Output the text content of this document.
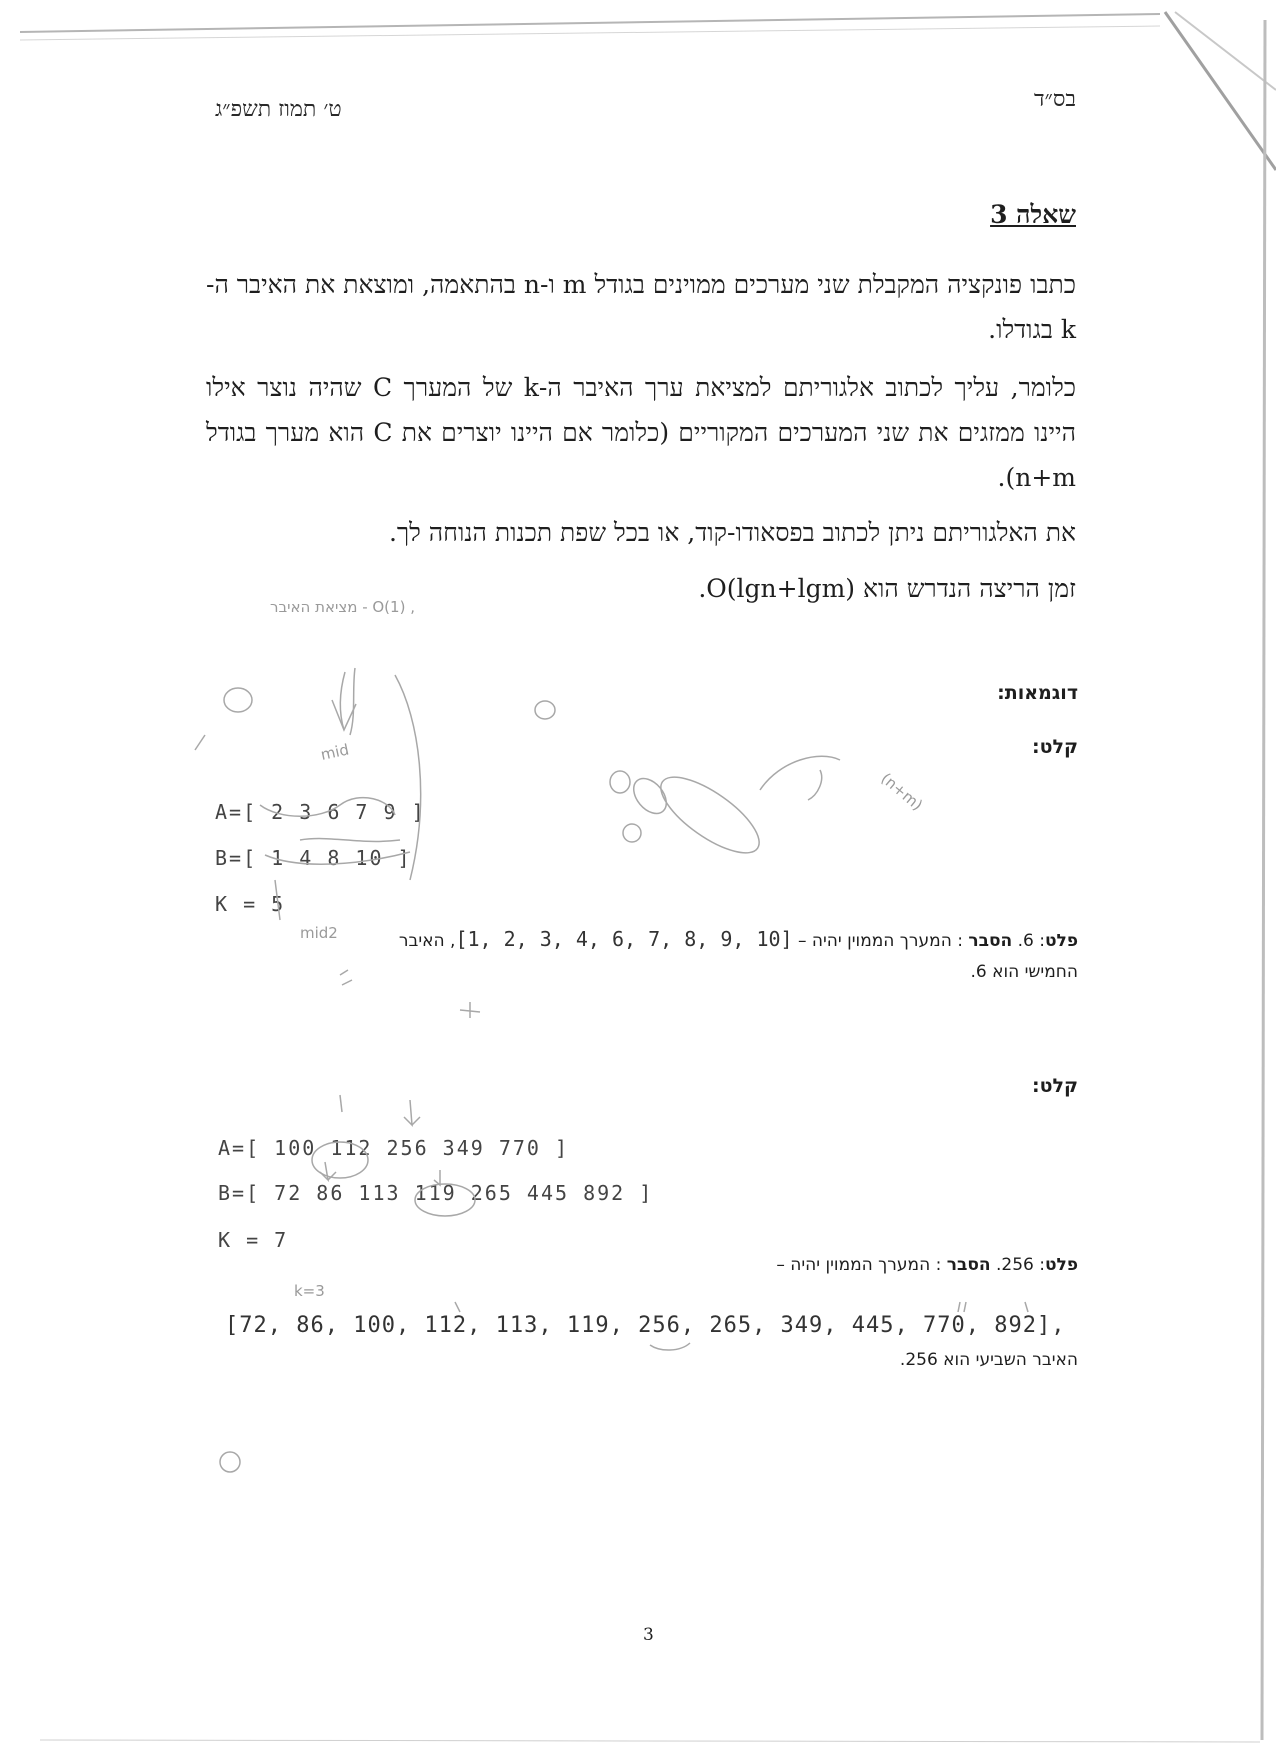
בס״ד
ט׳ תמוז תשפ״ג
שאלה 3
כתבו פונקציה המקבלת שני מערכים ממוינים בגודל m ו-n בהתאמה, ומוצאת את האיבר ה-k בגודלו.
כלומר, עליך לכתוב אלגוריתם למציאת ערך האיבר ה-k של המערך C שהיה נוצר אילו היינו ממזגים את שני המערכים המקוריים (כלומר אם היינו יוצרים את C הוא מערך בגודל n+m).
את האלגוריתם ניתן לכתוב בפסאודו-קוד, או בכל שפת תכנות הנוחה לך.
זמן הריצה הנדרש הוא O(lgn+lgm).
דוגמאות:
קלט:
A=[ 2 3 6 7 9 ]
B=[ 1 4 8 10 ]
K = 5
פלט: 6. הסבר : המערך הממוין יהיה – [1, 2, 3, 4, 6, 7, 8, 9, 10], האיבר
החמישי הוא 6.
קלט:
A=[ 100 112 256 349 770 ]
B=[ 72 86 113 119 265 445 892 ]
K = 7
פלט: 256. הסבר : המערך הממוין יהיה –
[72, 86, 100, 112, 113, 119, 256, 265, 349, 445, 770, 892],
האיבר השביעי הוא 256.
3
מציאת האיבר - O(1) ,
mid
mid2
k=3
(n+m)
